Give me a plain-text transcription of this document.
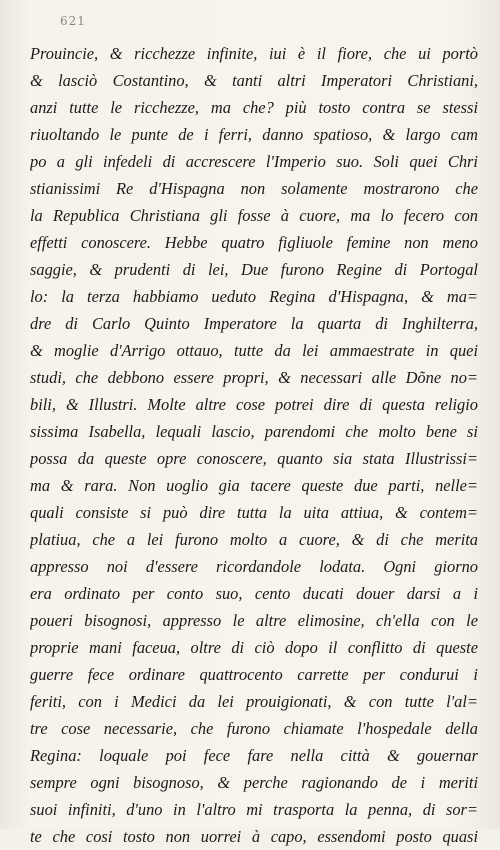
621
Prouincie, & ricchezze infinite, iui è il fiore, che ui portò
& lasciò Costantino, & tanti altri Imperatori Christiani,
anzi tutte le ricchezze, ma che? più tosto contra se stessi
riuoltando le punte de i ferri, danno spatioso, & largo cam
po a gli infedeli di accrescere l'Imperio suo. Soli quei Chri
stianissimi Re d'Hispagna non solamente mostrarono che
la Republica Christiana gli fosse à cuore, ma lo fecero con
effetti conoscere. Hebbe quatro figliuole femine non meno
saggie, & prudenti di lei, Due furono Regine di Portogal
lo: la terza habbiamo ueduto Regina d'Hispagna, & ma=
dre di Carlo Quinto Imperatore la quarta di Inghilterra,
& moglie d'Arrigo ottauo, tutte da lei ammaestrate in quei
studi, che debbono essere propri, & necessari alle Dõne no=
bili, & Illustri. Molte altre cose potrei dire di questa religio
sissima Isabella, lequali lascio, parendomi che molto bene si
possa da queste opre conoscere, quanto sia stata Illustrissi=
ma & rara. Non uoglio gia tacere queste due parti, nelle=
quali consiste si può dire tutta la uita attiua, & contem=
platiua, che a lei furono molto a cuore, & di che merita
appresso noi d'essere ricordandole lodata. Ogni giorno
era ordinato per conto suo, cento ducati douer darsi a i
poueri bisognosi, appresso le altre elimosine, ch'ella con le
proprie mani faceua, oltre di ciò dopo il conflitto di queste
guerre fece ordinare quattrocento carrette per condurui i
feriti, con i Medici da lei prouigionati, & con tutte l'al=
tre cose necessarie, che furono chiamate l'hospedale della
Regina: loquale poi fece fare nella città & gouernar
sempre ogni bisognoso, & perche ragionando de i meriti
suoi infiniti, d'uno in l'altro mi trasporta la penna, di sor=
te che cosi tosto non uorrei à capo, essendomi posto quasi
